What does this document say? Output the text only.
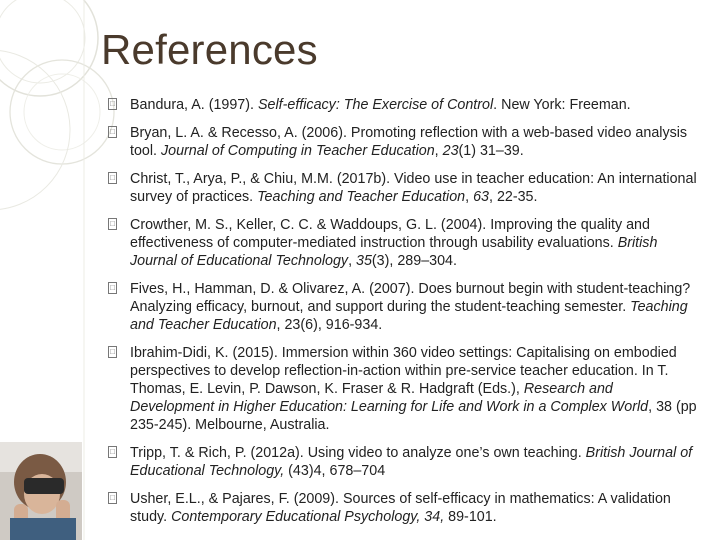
References
□ Bandura, A. (1997). Self-efficacy: The Exercise of Control. New York: Freeman.
□ Bryan, L. A. & Recesso, A. (2006). Promoting reflection with a web-based video analysis tool. Journal of Computing in Teacher Education, 23(1) 31–39.
□ Christ, T., Arya, P., & Chiu, M.M. (2017b). Video use in teacher education: An international survey of practices. Teaching and Teacher Education, 63, 22-35.
□ Crowther, M. S., Keller, C. C. & Waddoups, G. L. (2004). Improving the quality and effectiveness of computer-mediated instruction through usability evaluations. British Journal of Educational Technology, 35(3), 289–304.
□ Fives, H., Hamman, D. & Olivarez, A. (2007). Does burnout begin with student-teaching? Analyzing efficacy, burnout, and support during the student-teaching semester. Teaching and Teacher Education, 23(6), 916-934.
□ Ibrahim-Didi, K. (2015). Immersion within 360 video settings: Capitalising on embodied perspectives to develop reflection-in-action within pre-service teacher education. In T. Thomas, E. Levin, P. Dawson, K. Fraser & R. Hadgraft (Eds.), Research and Development in Higher Education: Learning for Life and Work in a Complex World, 38 (pp 235-245). Melbourne, Australia.
□ Tripp, T. & Rich, P. (2012a). Using video to analyze one’s own teaching. British Journal of Educational Technology, (43)4, 678–704
□ Usher, E.L., & Pajares, F. (2009). Sources of self-efficacy in mathematics: A validation study. Contemporary Educational Psychology, 34, 89-101.
